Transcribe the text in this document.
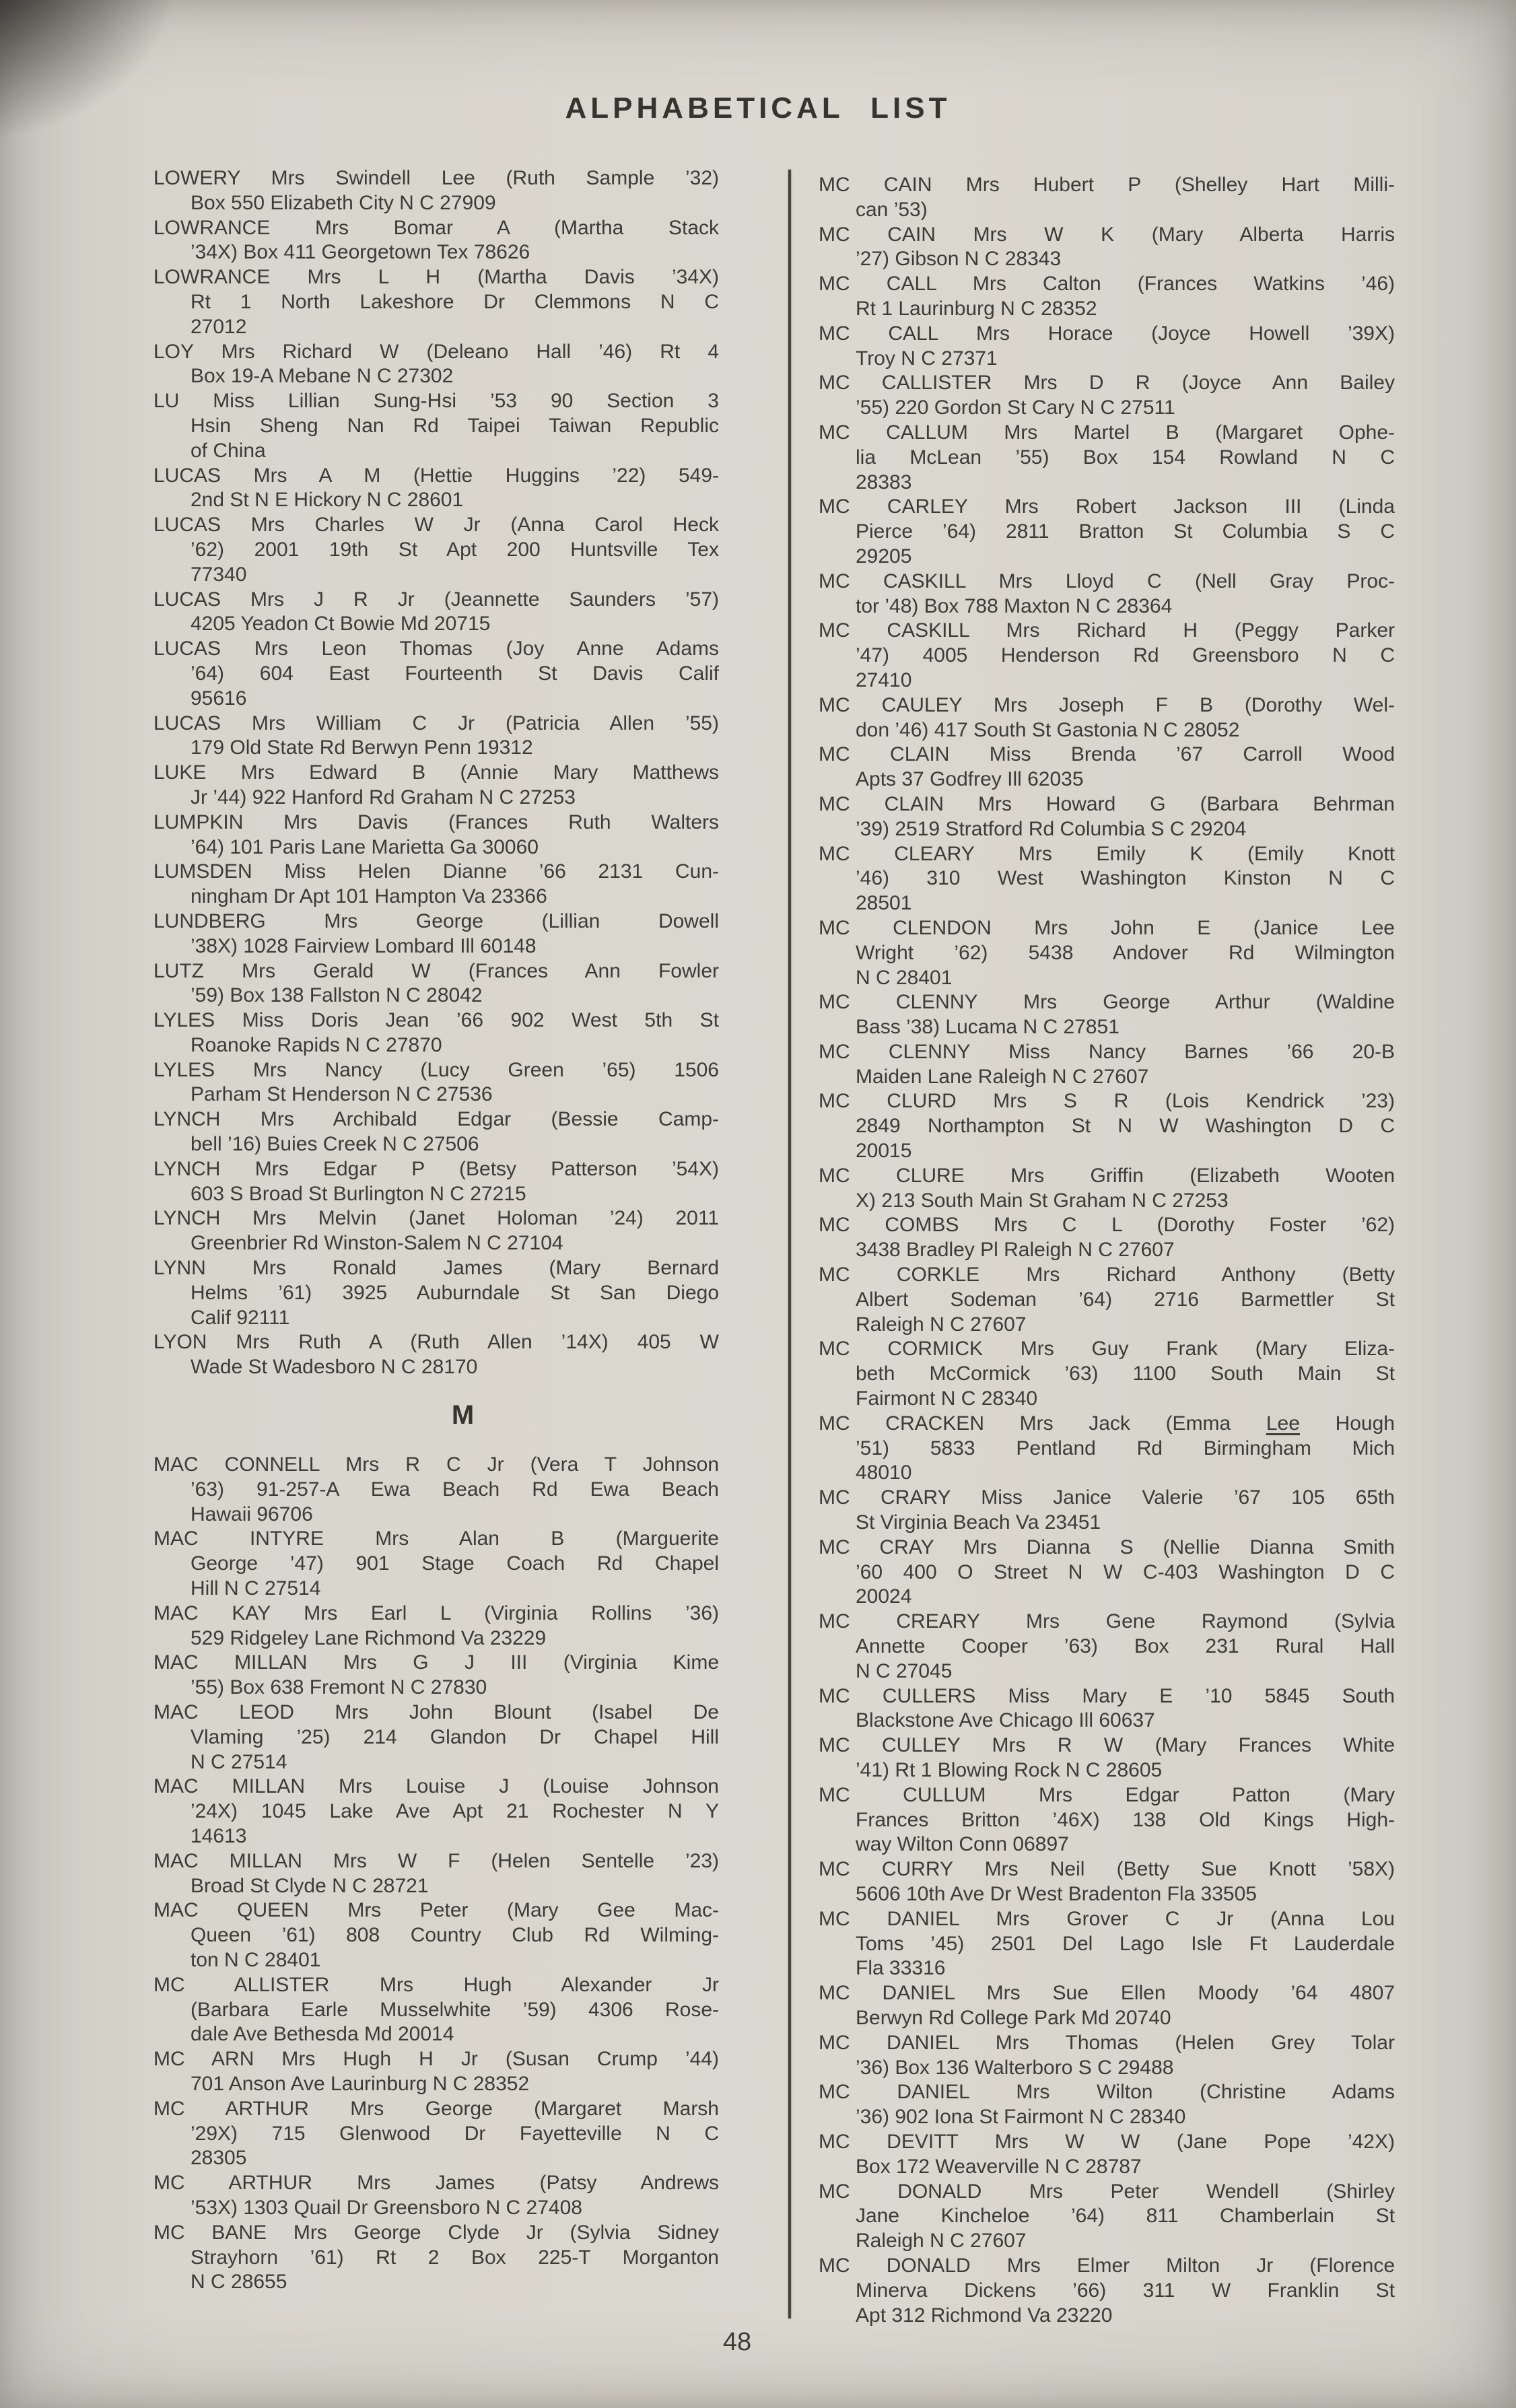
ALPHABETICAL LIST
LOWERY Mrs Swindell Lee (Ruth Sample ’32)
Box 550 Elizabeth City N C 27909
LOWRANCE Mrs Bomar A (Martha Stack
’34X) Box 411 Georgetown Tex 78626
LOWRANCE Mrs L H (Martha Davis ’34X)
Rt 1 North Lakeshore Dr Clemmons N C
27012
LOY Mrs Richard W (Deleano Hall ’46) Rt 4
Box 19-A Mebane N C 27302
LU Miss Lillian Sung-Hsi ’53 90 Section 3
Hsin Sheng Nan Rd Taipei Taiwan Republic
of China
LUCAS Mrs A M (Hettie Huggins ’22) 549-
2nd St N E Hickory N C 28601
LUCAS Mrs Charles W Jr (Anna Carol Heck
’62) 2001 19th St Apt 200 Huntsville Tex
77340
LUCAS Mrs J R Jr (Jeannette Saunders ’57)
4205 Yeadon Ct Bowie Md 20715
LUCAS Mrs Leon Thomas (Joy Anne Adams
’64) 604 East Fourteenth St Davis Calif
95616
LUCAS Mrs William C Jr (Patricia Allen ’55)
179 Old State Rd Berwyn Penn 19312
LUKE Mrs Edward B (Annie Mary Matthews
Jr ’44) 922 Hanford Rd Graham N C 27253
LUMPKIN Mrs Davis (Frances Ruth Walters
’64) 101 Paris Lane Marietta Ga 30060
LUMSDEN Miss Helen Dianne ’66 2131 Cun-
ningham Dr Apt 101 Hampton Va 23366
LUNDBERG Mrs George (Lillian Dowell
’38X) 1028 Fairview Lombard Ill 60148
LUTZ Mrs Gerald W (Frances Ann Fowler
’59) Box 138 Fallston N C 28042
LYLES Miss Doris Jean ’66 902 West 5th St
Roanoke Rapids N C 27870
LYLES Mrs Nancy (Lucy Green ’65) 1506
Parham St Henderson N C 27536
LYNCH Mrs Archibald Edgar (Bessie Camp-
bell ’16) Buies Creek N C 27506
LYNCH Mrs Edgar P (Betsy Patterson ’54X)
603 S Broad St Burlington N C 27215
LYNCH Mrs Melvin (Janet Holoman ’24) 2011
Greenbrier Rd Winston-Salem N C 27104
LYNN Mrs Ronald James (Mary Bernard
Helms ’61) 3925 Auburndale St San Diego
Calif 92111
LYON Mrs Ruth A (Ruth Allen ’14X) 405 W
Wade St Wadesboro N C 28170
M
MAC CONNELL Mrs R C Jr (Vera T Johnson
’63) 91-257-A Ewa Beach Rd Ewa Beach
Hawaii 96706
MAC INTYRE Mrs Alan B (Marguerite
George ’47) 901 Stage Coach Rd Chapel
Hill N C 27514
MAC KAY Mrs Earl L (Virginia Rollins ’36)
529 Ridgeley Lane Richmond Va 23229
MAC MILLAN Mrs G J III (Virginia Kime
’55) Box 638 Fremont N C 27830
MAC LEOD Mrs John Blount (Isabel De
Vlaming ’25) 214 Glandon Dr Chapel Hill
N C 27514
MAC MILLAN Mrs Louise J (Louise Johnson
’24X) 1045 Lake Ave Apt 21 Rochester N Y
14613
MAC MILLAN Mrs W F (Helen Sentelle ’23)
Broad St Clyde N C 28721
MAC QUEEN Mrs Peter (Mary Gee Mac-
Queen ’61) 808 Country Club Rd Wilming-
ton N C 28401
MC ALLISTER Mrs Hugh Alexander Jr
(Barbara Earle Musselwhite ’59) 4306 Rose-
dale Ave Bethesda Md 20014
MC ARN Mrs Hugh H Jr (Susan Crump ’44)
701 Anson Ave Laurinburg N C 28352
MC ARTHUR Mrs George (Margaret Marsh
’29X) 715 Glenwood Dr Fayetteville N C
28305
MC ARTHUR Mrs James (Patsy Andrews
’53X) 1303 Quail Dr Greensboro N C 27408
MC BANE Mrs George Clyde Jr (Sylvia Sidney
Strayhorn ’61) Rt 2 Box 225-T Morganton
N C 28655
MC CAIN Mrs Hubert P (Shelley Hart Milli-
can ’53)
MC CAIN Mrs W K (Mary Alberta Harris
’27) Gibson N C 28343
MC CALL Mrs Calton (Frances Watkins ’46)
Rt 1 Laurinburg N C 28352
MC CALL Mrs Horace (Joyce Howell ’39X)
Troy N C 27371
MC CALLISTER Mrs D R (Joyce Ann Bailey
’55) 220 Gordon St Cary N C 27511
MC CALLUM Mrs Martel B (Margaret Ophe-
lia McLean ’55) Box 154 Rowland N C
28383
MC CARLEY Mrs Robert Jackson III (Linda
Pierce ’64) 2811 Bratton St Columbia S C
29205
MC CASKILL Mrs Lloyd C (Nell Gray Proc-
tor ’48) Box 788 Maxton N C 28364
MC CASKILL Mrs Richard H (Peggy Parker
’47) 4005 Henderson Rd Greensboro N C
27410
MC CAULEY Mrs Joseph F B (Dorothy Wel-
don ’46) 417 South St Gastonia N C 28052
MC CLAIN Miss Brenda ’67 Carroll Wood
Apts 37 Godfrey Ill 62035
MC CLAIN Mrs Howard G (Barbara Behrman
’39) 2519 Stratford Rd Columbia S C 29204
MC CLEARY Mrs Emily K (Emily Knott
’46) 310 West Washington Kinston N C
28501
MC CLENDON Mrs John E (Janice Lee
Wright ’62) 5438 Andover Rd Wilmington
N C 28401
MC CLENNY Mrs George Arthur (Waldine
Bass ’38) Lucama N C 27851
MC CLENNY Miss Nancy Barnes ’66 20-B
Maiden Lane Raleigh N C 27607
MC CLURD Mrs S R (Lois Kendrick ’23)
2849 Northampton St N W Washington D C
20015
MC CLURE Mrs Griffin (Elizabeth Wooten
X) 213 South Main St Graham N C 27253
MC COMBS Mrs C L (Dorothy Foster ’62)
3438 Bradley Pl Raleigh N C 27607
MC CORKLE Mrs Richard Anthony (Betty
Albert Sodeman ’64) 2716 Barmettler St
Raleigh N C 27607
MC CORMICK Mrs Guy Frank (Mary Eliza-
beth McCormick ’63) 1100 South Main St
Fairmont N C 28340
MC CRACKEN Mrs Jack (Emma Lee Hough
’51) 5833 Pentland Rd Birmingham Mich
48010
MC CRARY Miss Janice Valerie ’67 105 65th
St Virginia Beach Va 23451
MC CRAY Mrs Dianna S (Nellie Dianna Smith
’60 400 O Street N W C-403 Washington D C
20024
MC CREARY Mrs Gene Raymond (Sylvia
Annette Cooper ’63) Box 231 Rural Hall
N C 27045
MC CULLERS Miss Mary E ’10 5845 South
Blackstone Ave Chicago Ill 60637
MC CULLEY Mrs R W (Mary Frances White
’41) Rt 1 Blowing Rock N C 28605
MC CULLUM Mrs Edgar Patton (Mary
Frances Britton ’46X) 138 Old Kings High-
way Wilton Conn 06897
MC CURRY Mrs Neil (Betty Sue Knott ’58X)
5606 10th Ave Dr West Bradenton Fla 33505
MC DANIEL Mrs Grover C Jr (Anna Lou
Toms ’45) 2501 Del Lago Isle Ft Lauderdale
Fla 33316
MC DANIEL Mrs Sue Ellen Moody ’64 4807
Berwyn Rd College Park Md 20740
MC DANIEL Mrs Thomas (Helen Grey Tolar
’36) Box 136 Walterboro S C 29488
MC DANIEL Mrs Wilton (Christine Adams
’36) 902 Iona St Fairmont N C 28340
MC DEVITT Mrs W W (Jane Pope ’42X)
Box 172 Weaverville N C 28787
MC DONALD Mrs Peter Wendell (Shirley
Jane Kincheloe ’64) 811 Chamberlain St
Raleigh N C 27607
MC DONALD Mrs Elmer Milton Jr (Florence
Minerva Dickens ’66) 311 W Franklin St
Apt 312 Richmond Va 23220
48
